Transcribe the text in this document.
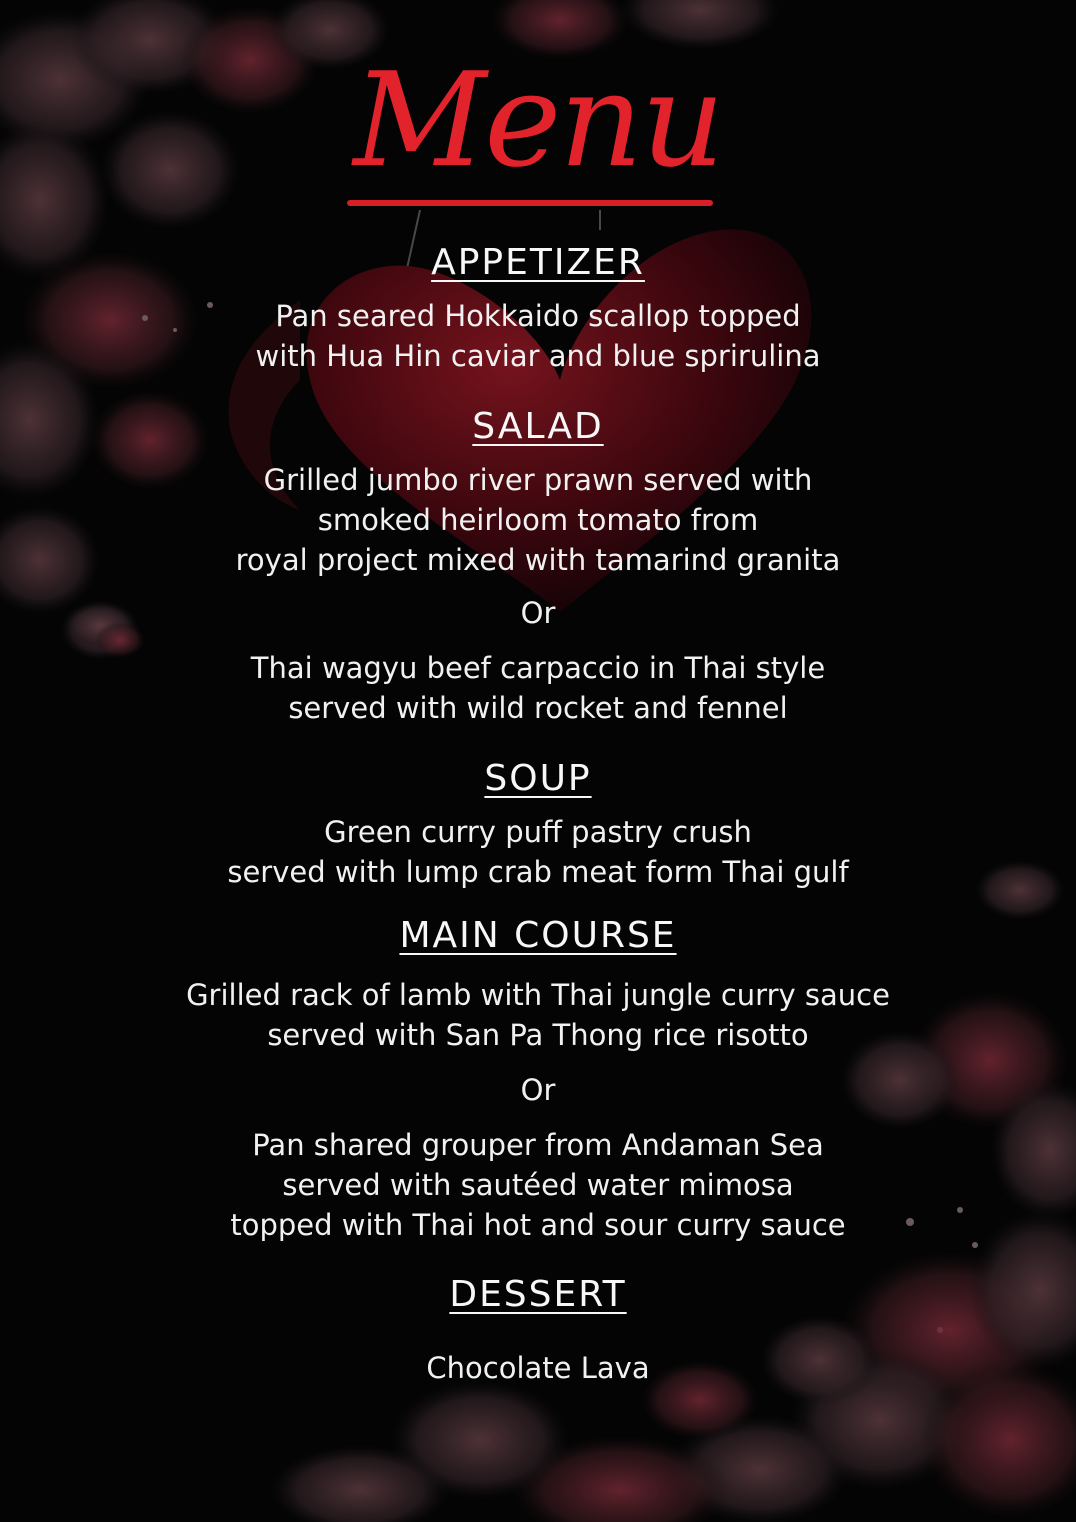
Menu
APPETIZER
Pan seared Hokkaido scallop topped
with Hua Hin caviar and blue sprirulina
SALAD
Grilled jumbo river prawn served with
smoked heirloom tomato from
royal project mixed with tamarind granita
Or
Thai wagyu beef carpaccio in Thai style
served with wild rocket and fennel
SOUP
Green curry puff pastry crush
served with lump crab meat form Thai gulf
MAIN COURSE
Grilled rack of lamb with Thai jungle curry sauce
served with San Pa Thong rice risotto
Or
Pan shared grouper from Andaman Sea
served with sautéed water mimosa
topped with Thai hot and sour curry sauce
DESSERT
Chocolate Lava
